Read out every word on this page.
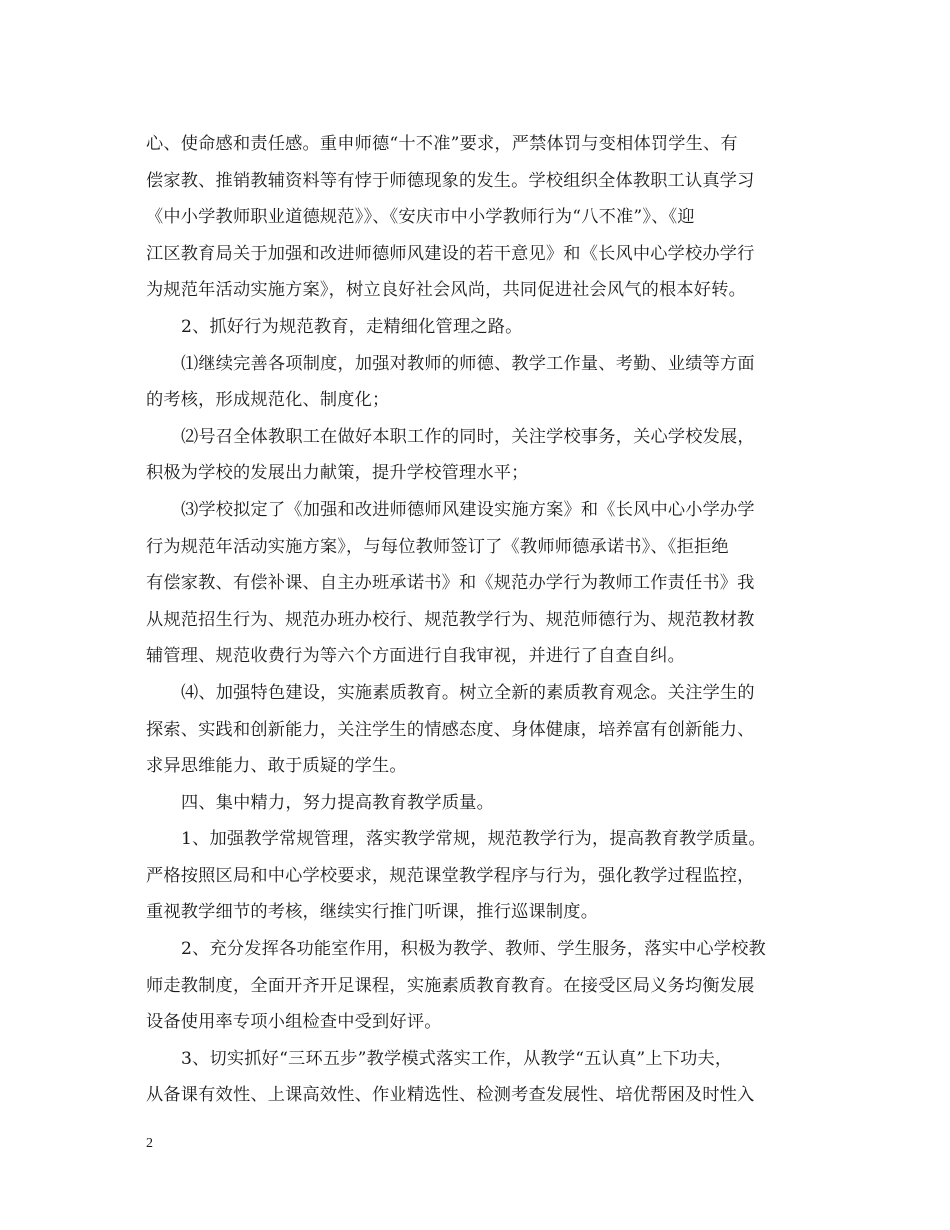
心、使命感和责任感。重申师德“十不准”要求，严禁体罚与变相体罚学生、有
偿家教、推销教辅资料等有悖于师德现象的发生。学校组织全体教职工认真学习
《中小学教师职业道德规范》》、《安庆市中小学教师行为“八不准”》、《迎
江区教育局关于加强和改进师德师风建设的若干意见》和《长风中心学校办学行
为规范年活动实施方案》，树立良好社会风尚，共同促进社会风气的根本好转。
2、抓好行为规范教育，走精细化管理之路。
⑴继续完善各项制度，加强对教师的师德、教学工作量、考勤、业绩等方面
的考核，形成规范化、制度化；
⑵号召全体教职工在做好本职工作的同时，关注学校事务，关心学校发展，
积极为学校的发展出力献策，提升学校管理水平；
⑶学校拟定了《加强和改进师德师风建设实施方案》和《长风中心小学办学
行为规范年活动实施方案》，与每位教师签订了《教师师德承诺书》、《拒拒绝
有偿家教、有偿补课、自主办班承诺书》和《规范办学行为教师工作责任书》我
从规范招生行为、规范办班办校行、规范教学行为、规范师德行为、规范教材教
辅管理、规范收费行为等六个方面进行自我审视，并进行了自查自纠。
⑷、加强特色建设，实施素质教育。树立全新的素质教育观念。关注学生的
探索、实践和创新能力，关注学生的情感态度、身体健康，培养富有创新能力、
求异思维能力、敢于质疑的学生。
四、集中精力，努力提高教育教学质量。
1、加强教学常规管理，落实教学常规，规范教学行为，提高教育教学质量。
严格按照区局和中心学校要求，规范课堂教学程序与行为，强化教学过程监控，
重视教学细节的考核，继续实行推门听课，推行巡课制度。
2、充分发挥各功能室作用，积极为教学、教师、学生服务，落实中心学校教
师走教制度，全面开齐开足课程，实施素质教育教育。在接受区局义务均衡发展
设备使用率专项小组检查中受到好评。
3、切实抓好“三环五步”教学模式落实工作，从教学“五认真”上下功夫，
从备课有效性、上课高效性、作业精选性、检测考查发展性、培优帮困及时性入
2
